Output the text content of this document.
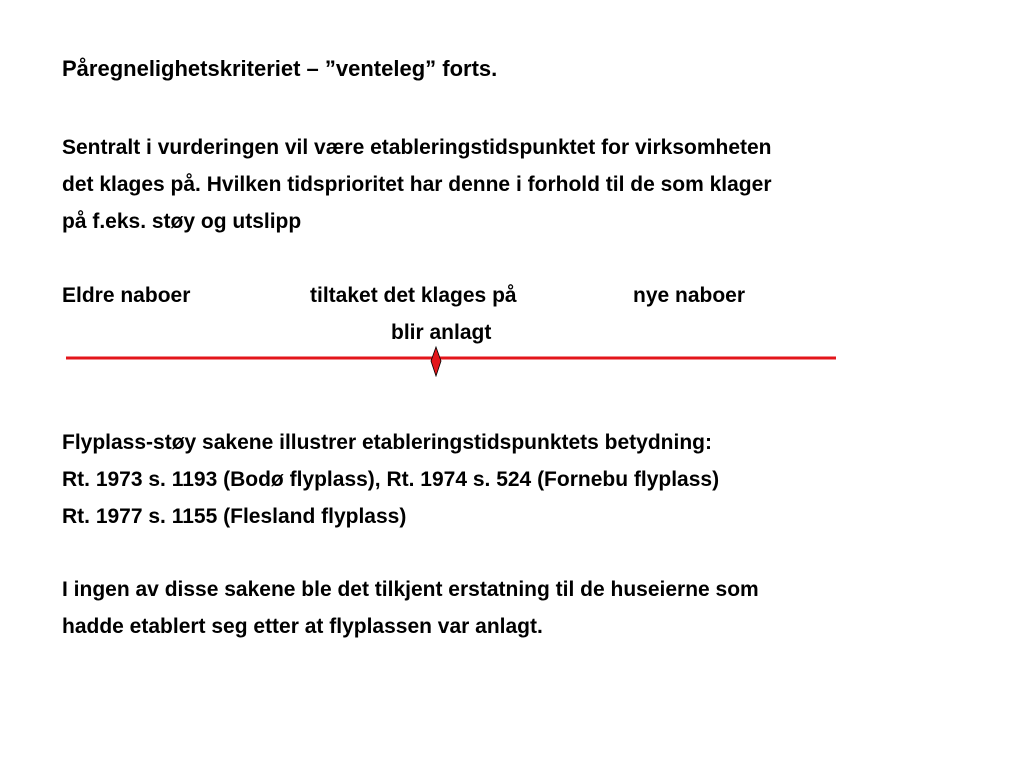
Påregnelighetskriteriet – ”venteleg” forts.
Sentralt i vurderingen vil være etableringstidspunktet for virksomheten
det klages på. Hvilken tidsprioritet har denne i forhold til de som klager
på f.eks. støy og utslipp
Eldre naboer	tiltaket det klages på	nye naboer
blir anlagt
Flyplass-støy sakene illustrer etableringstidspunktets betydning:
Rt. 1973 s. 1193 (Bodø flyplass), Rt. 1974 s. 524 (Fornebu flyplass)
Rt. 1977 s. 1155 (Flesland flyplass)
I ingen av disse sakene ble det tilkjent erstatning til de huseierne som
hadde etablert seg etter at flyplassen var anlagt.
